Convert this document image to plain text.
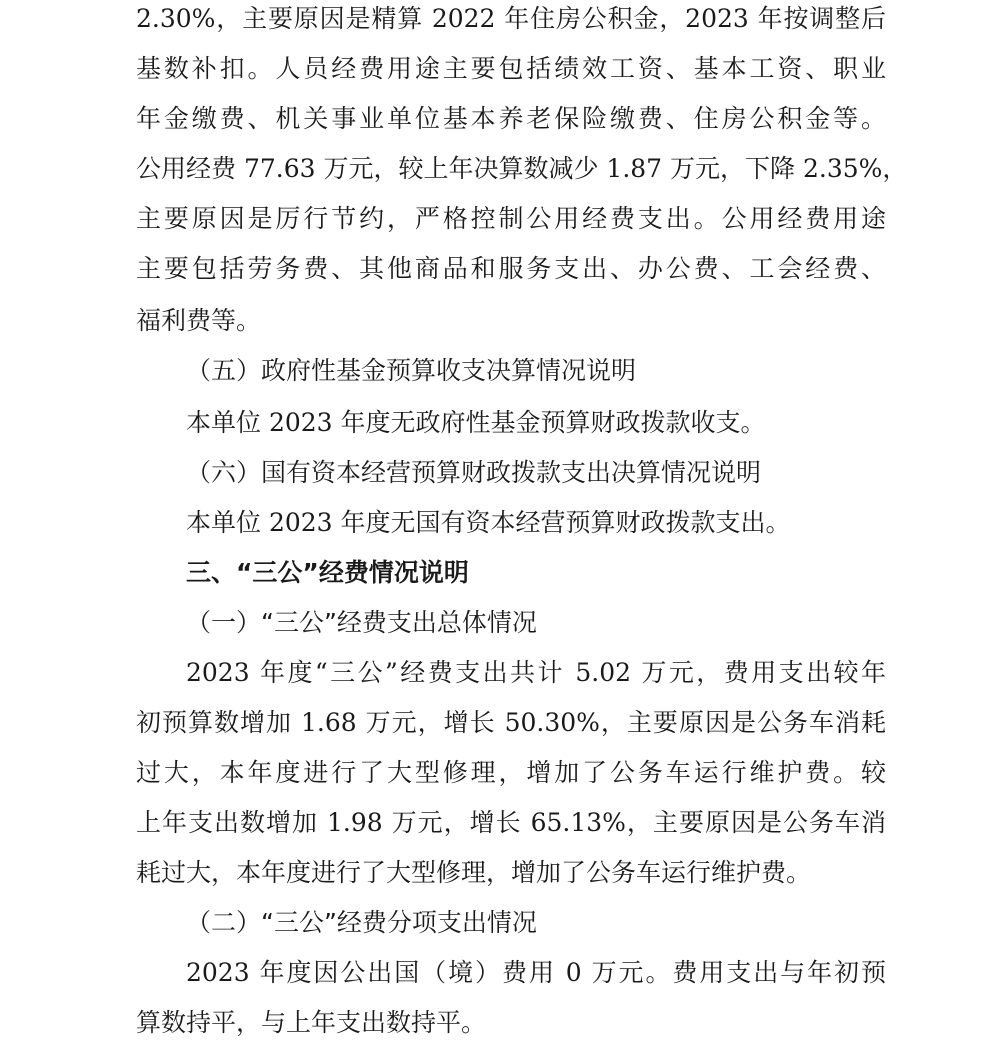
2.30%，主要原因是精算 2022 年住房公积金，2023 年按调整后
基数补扣。人员经费用途主要包括绩效工资、基本工资、职业
年金缴费、机关事业单位基本养老保险缴费、住房公积金等。
公用经费 77.63 万元，较上年决算数减少 1.87 万元，下降 2.35%，
主要原因是厉行节约，严格控制公用经费支出。公用经费用途
主要包括劳务费、其他商品和服务支出、办公费、工会经费、
福利费等。
（五）政府性基金预算收支决算情况说明
本单位 2023 年度无政府性基金预算财政拨款收支。
（六）国有资本经营预算财政拨款支出决算情况说明
本单位 2023 年度无国有资本经营预算财政拨款支出。
三、“三公”经费情况说明
（一）“三公”经费支出总体情况
2023 年度“三公”经费支出共计 5.02 万元，费用支出较年
初预算数增加 1.68 万元，增长 50.30%，主要原因是公务车消耗
过大，本年度进行了大型修理，增加了公务车运行维护费。较
上年支出数增加 1.98 万元，增长 65.13%，主要原因是公务车消
耗过大，本年度进行了大型修理，增加了公务车运行维护费。
（二）“三公”经费分项支出情况
2023 年度因公出国（境）费用 0 万元。费用支出与年初预
算数持平，与上年支出数持平。
